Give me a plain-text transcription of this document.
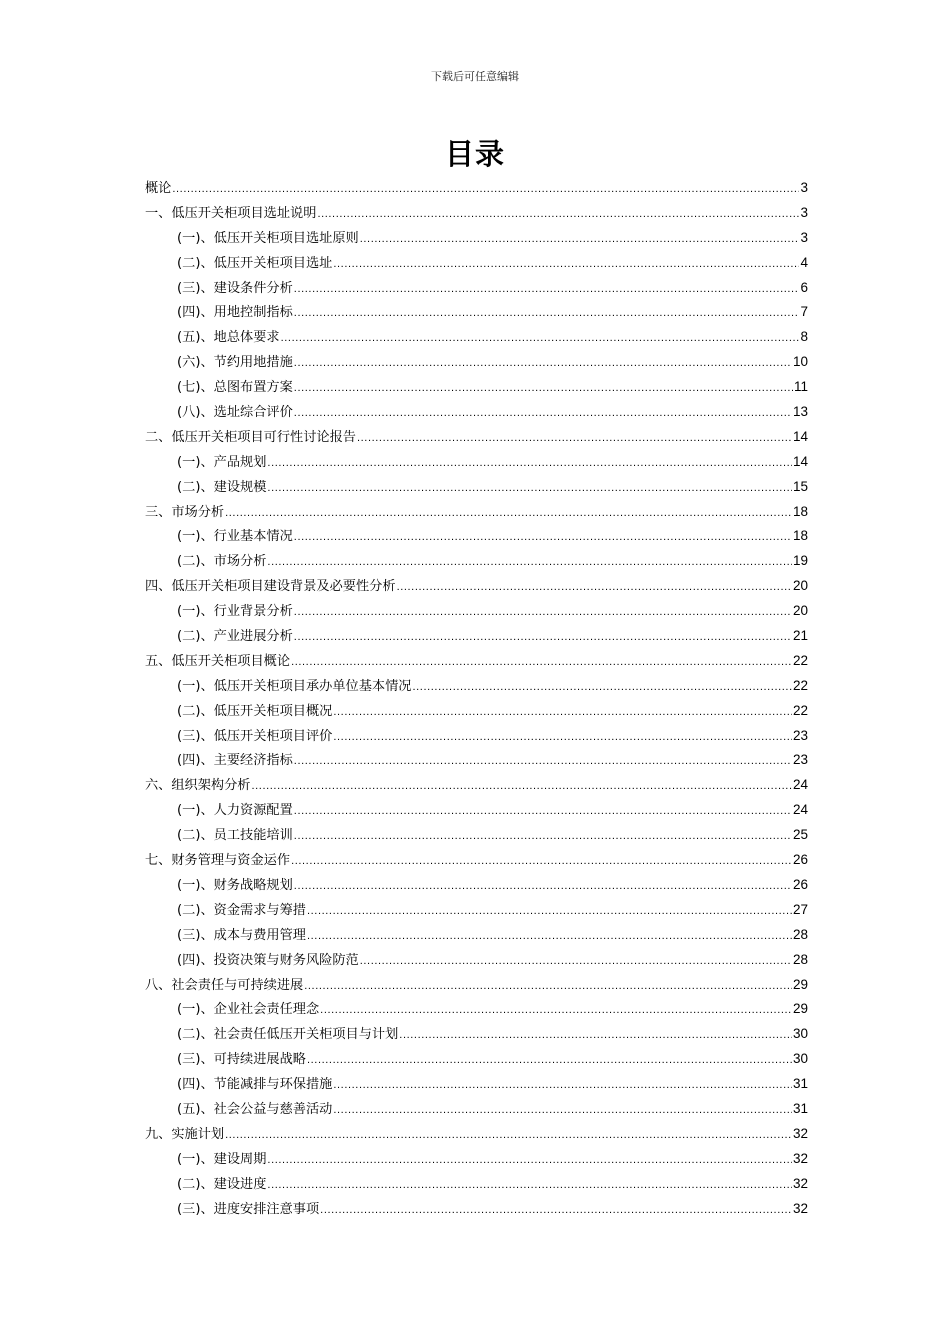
下载后可任意编辑
目录
概论 .....	3
一、低压开关柜项目选址说明 .....	3
(一)、低压开关柜项目选址原则 .....	3
(二)、低压开关柜项目选址 .....	4
(三)、建设条件分析 .....	6
(四)、用地控制指标 .....	7
(五)、地总体要求 .....	8
(六)、节约用地措施 .....	10
(七)、总图布置方案 .....	11
(八)、选址综合评价 .....	13
二、低压开关柜项目可行性讨论报告 .....	14
(一)、产品规划 .....	14
(二)、建设规模 .....	15
三、市场分析 .....	18
(一)、行业基本情况 .....	18
(二)、市场分析 .....	19
四、低压开关柜项目建设背景及必要性分析 .....	20
(一)、行业背景分析 .....	20
(二)、产业进展分析 .....	21
五、低压开关柜项目概论 .....	22
(一)、低压开关柜项目承办单位基本情况 .....	22
(二)、低压开关柜项目概况 .....	22
(三)、低压开关柜项目评价 .....	23
(四)、主要经济指标 .....	23
六、组织架构分析 .....	24
(一)、人力资源配置 .....	24
(二)、员工技能培训 .....	25
七、财务管理与资金运作 .....	26
(一)、财务战略规划 .....	26
(二)、资金需求与筹措 .....	27
(三)、成本与费用管理 .....	28
(四)、投资决策与财务风险防范 .....	28
八、社会责任与可持续进展 .....	29
(一)、企业社会责任理念 .....	29
(二)、社会责任低压开关柜项目与计划 .....	30
(三)、可持续进展战略 .....	30
(四)、节能减排与环保措施 .....	31
(五)、社会公益与慈善活动 .....	31
九、实施计划 .....	32
(一)、建设周期 .....	32
(二)、建设进度 .....	32
(三)、进度安排注意事项 .....	32
